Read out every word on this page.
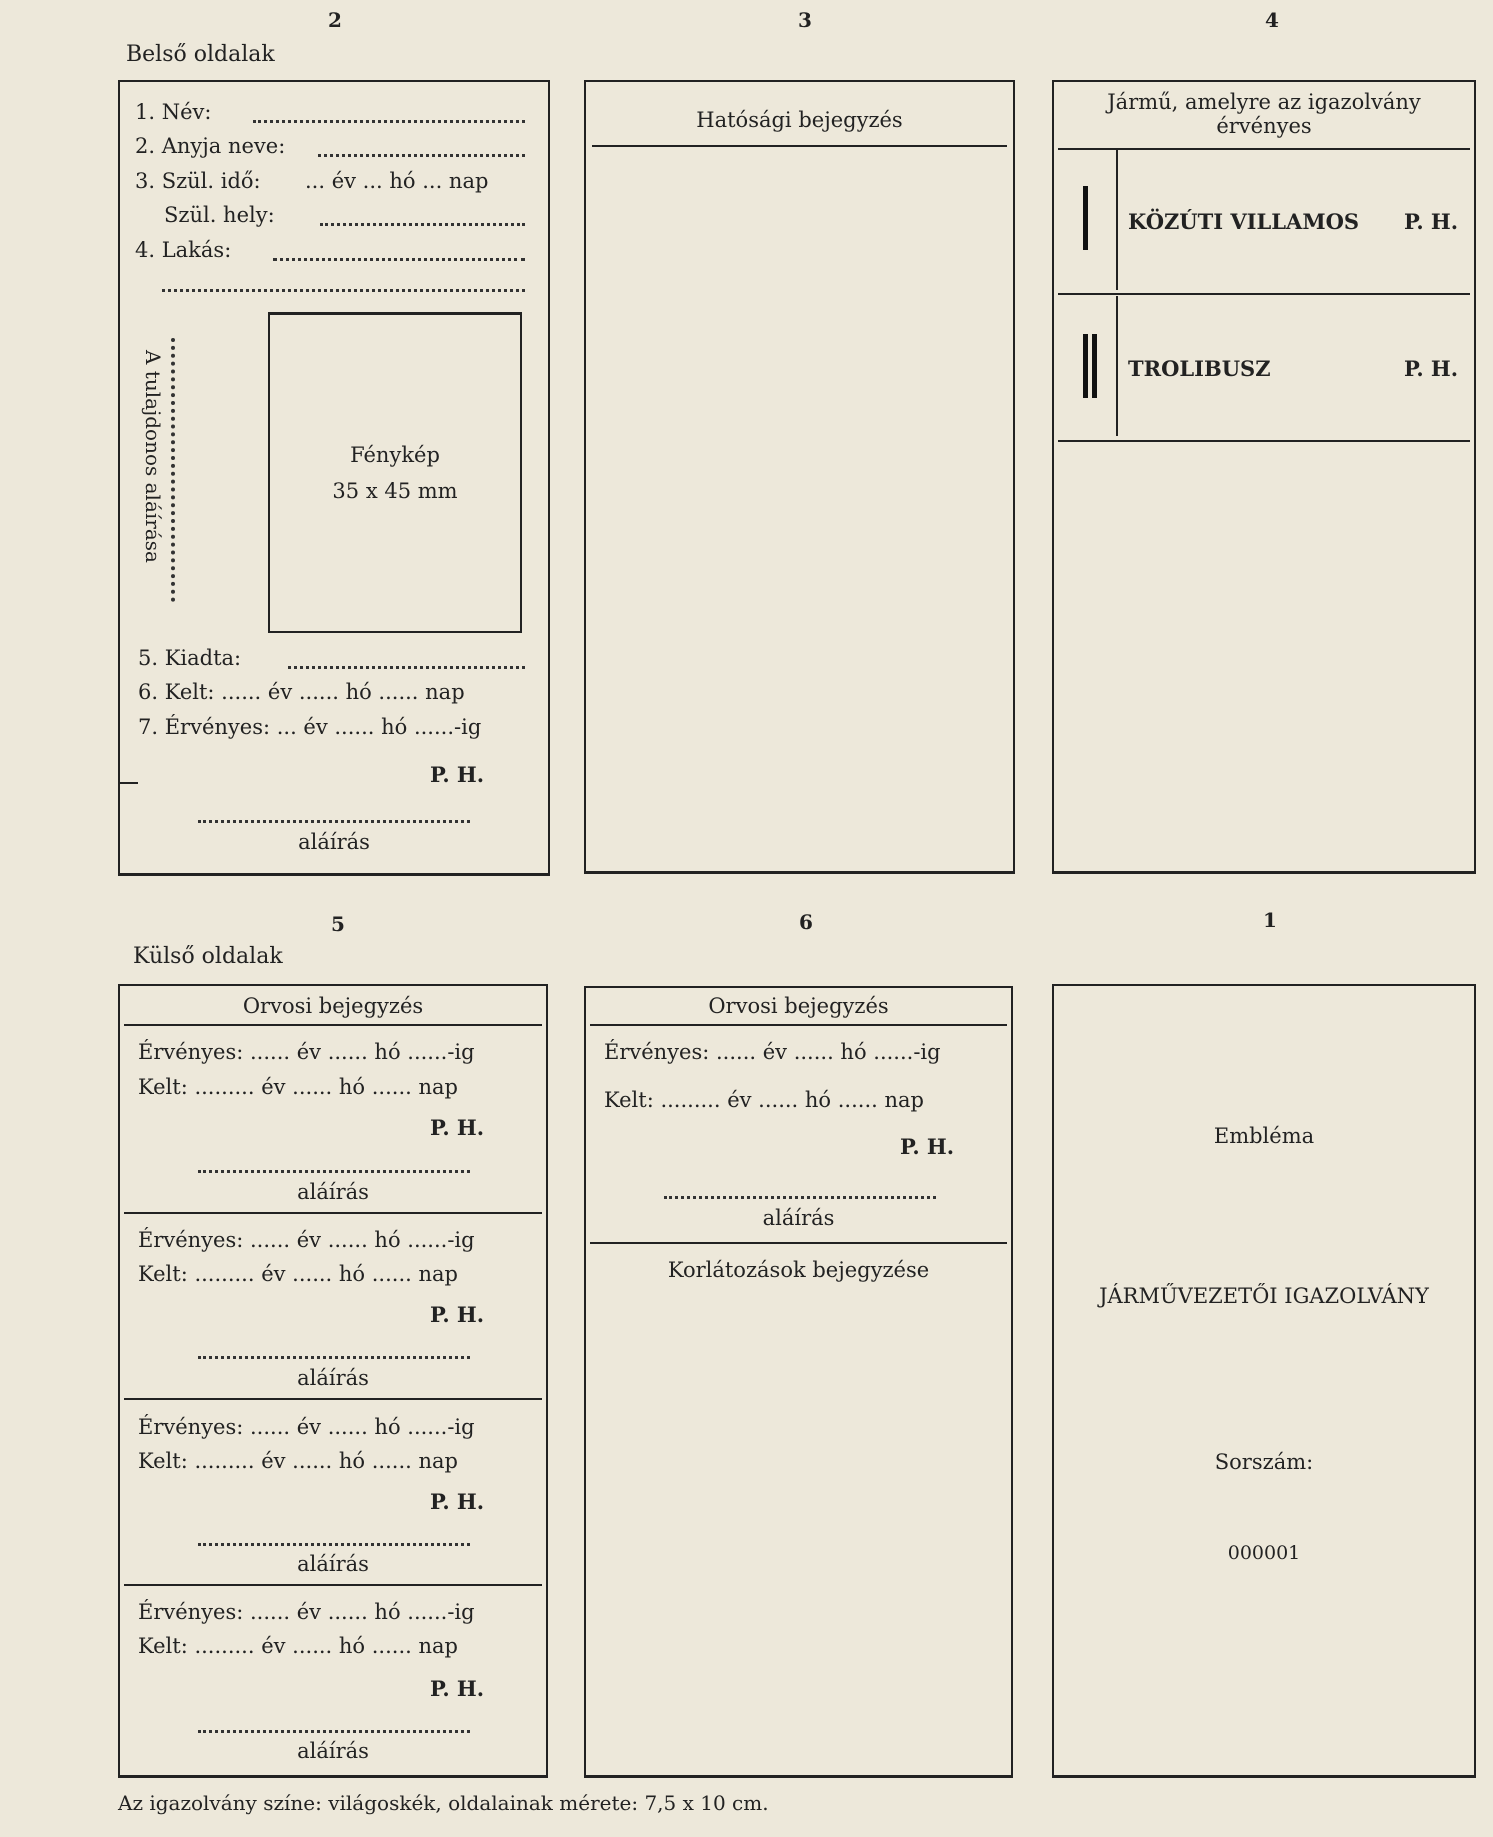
2	3	4
5	6	1
Belső oldalak
Külső oldalak
1. Név:
2. Anyja neve:
3. Szül. idő: ... év ... hó ... nap
Szül. hely:
4. Lakás:
A tulajdonos aláírása	Fénykép
35 x 45 mm
5. Kiadta:
6. Kelt: ...... év ...... hó ...... nap
7. Érvényes: ... év ...... hó ......-ig
P. H.
aláírás
Hatósági bejegyzés
Jármű, amelyre az igazolvány
érvényes
KÖZÚTI VILLAMOS P. H.
TROLIBUSZ	P. H.
Orvosi bejegyzés
Érvényes: ...... év ...... hó ......-ig
Kelt: ......... év ...... hó ...... nap
P. H.
aláírás
Érvényes: ...... év ...... hó ......-ig
Kelt: ......... év ...... hó ...... nap
P. H.
aláírás
Érvényes: ...... év ...... hó ......-ig
Kelt: ......... év ...... hó ...... nap
P. H.
aláírás
Érvényes: ...... év ...... hó ......-ig
Kelt: ......... év ...... hó ...... nap
P. H.
aláírás
Orvosi bejegyzés
Érvényes: ...... év ...... hó ......-ig
Kelt: ......... év ...... hó ...... nap
P. H.
aláírás
Korlátozások bejegyzése
Embléma
JÁRMŰVEZETŐI IGAZOLVÁNY
Sorszám:
000001
Az igazolvány színe: világoskék, oldalainak mérete: 7,5 x 10 cm.
